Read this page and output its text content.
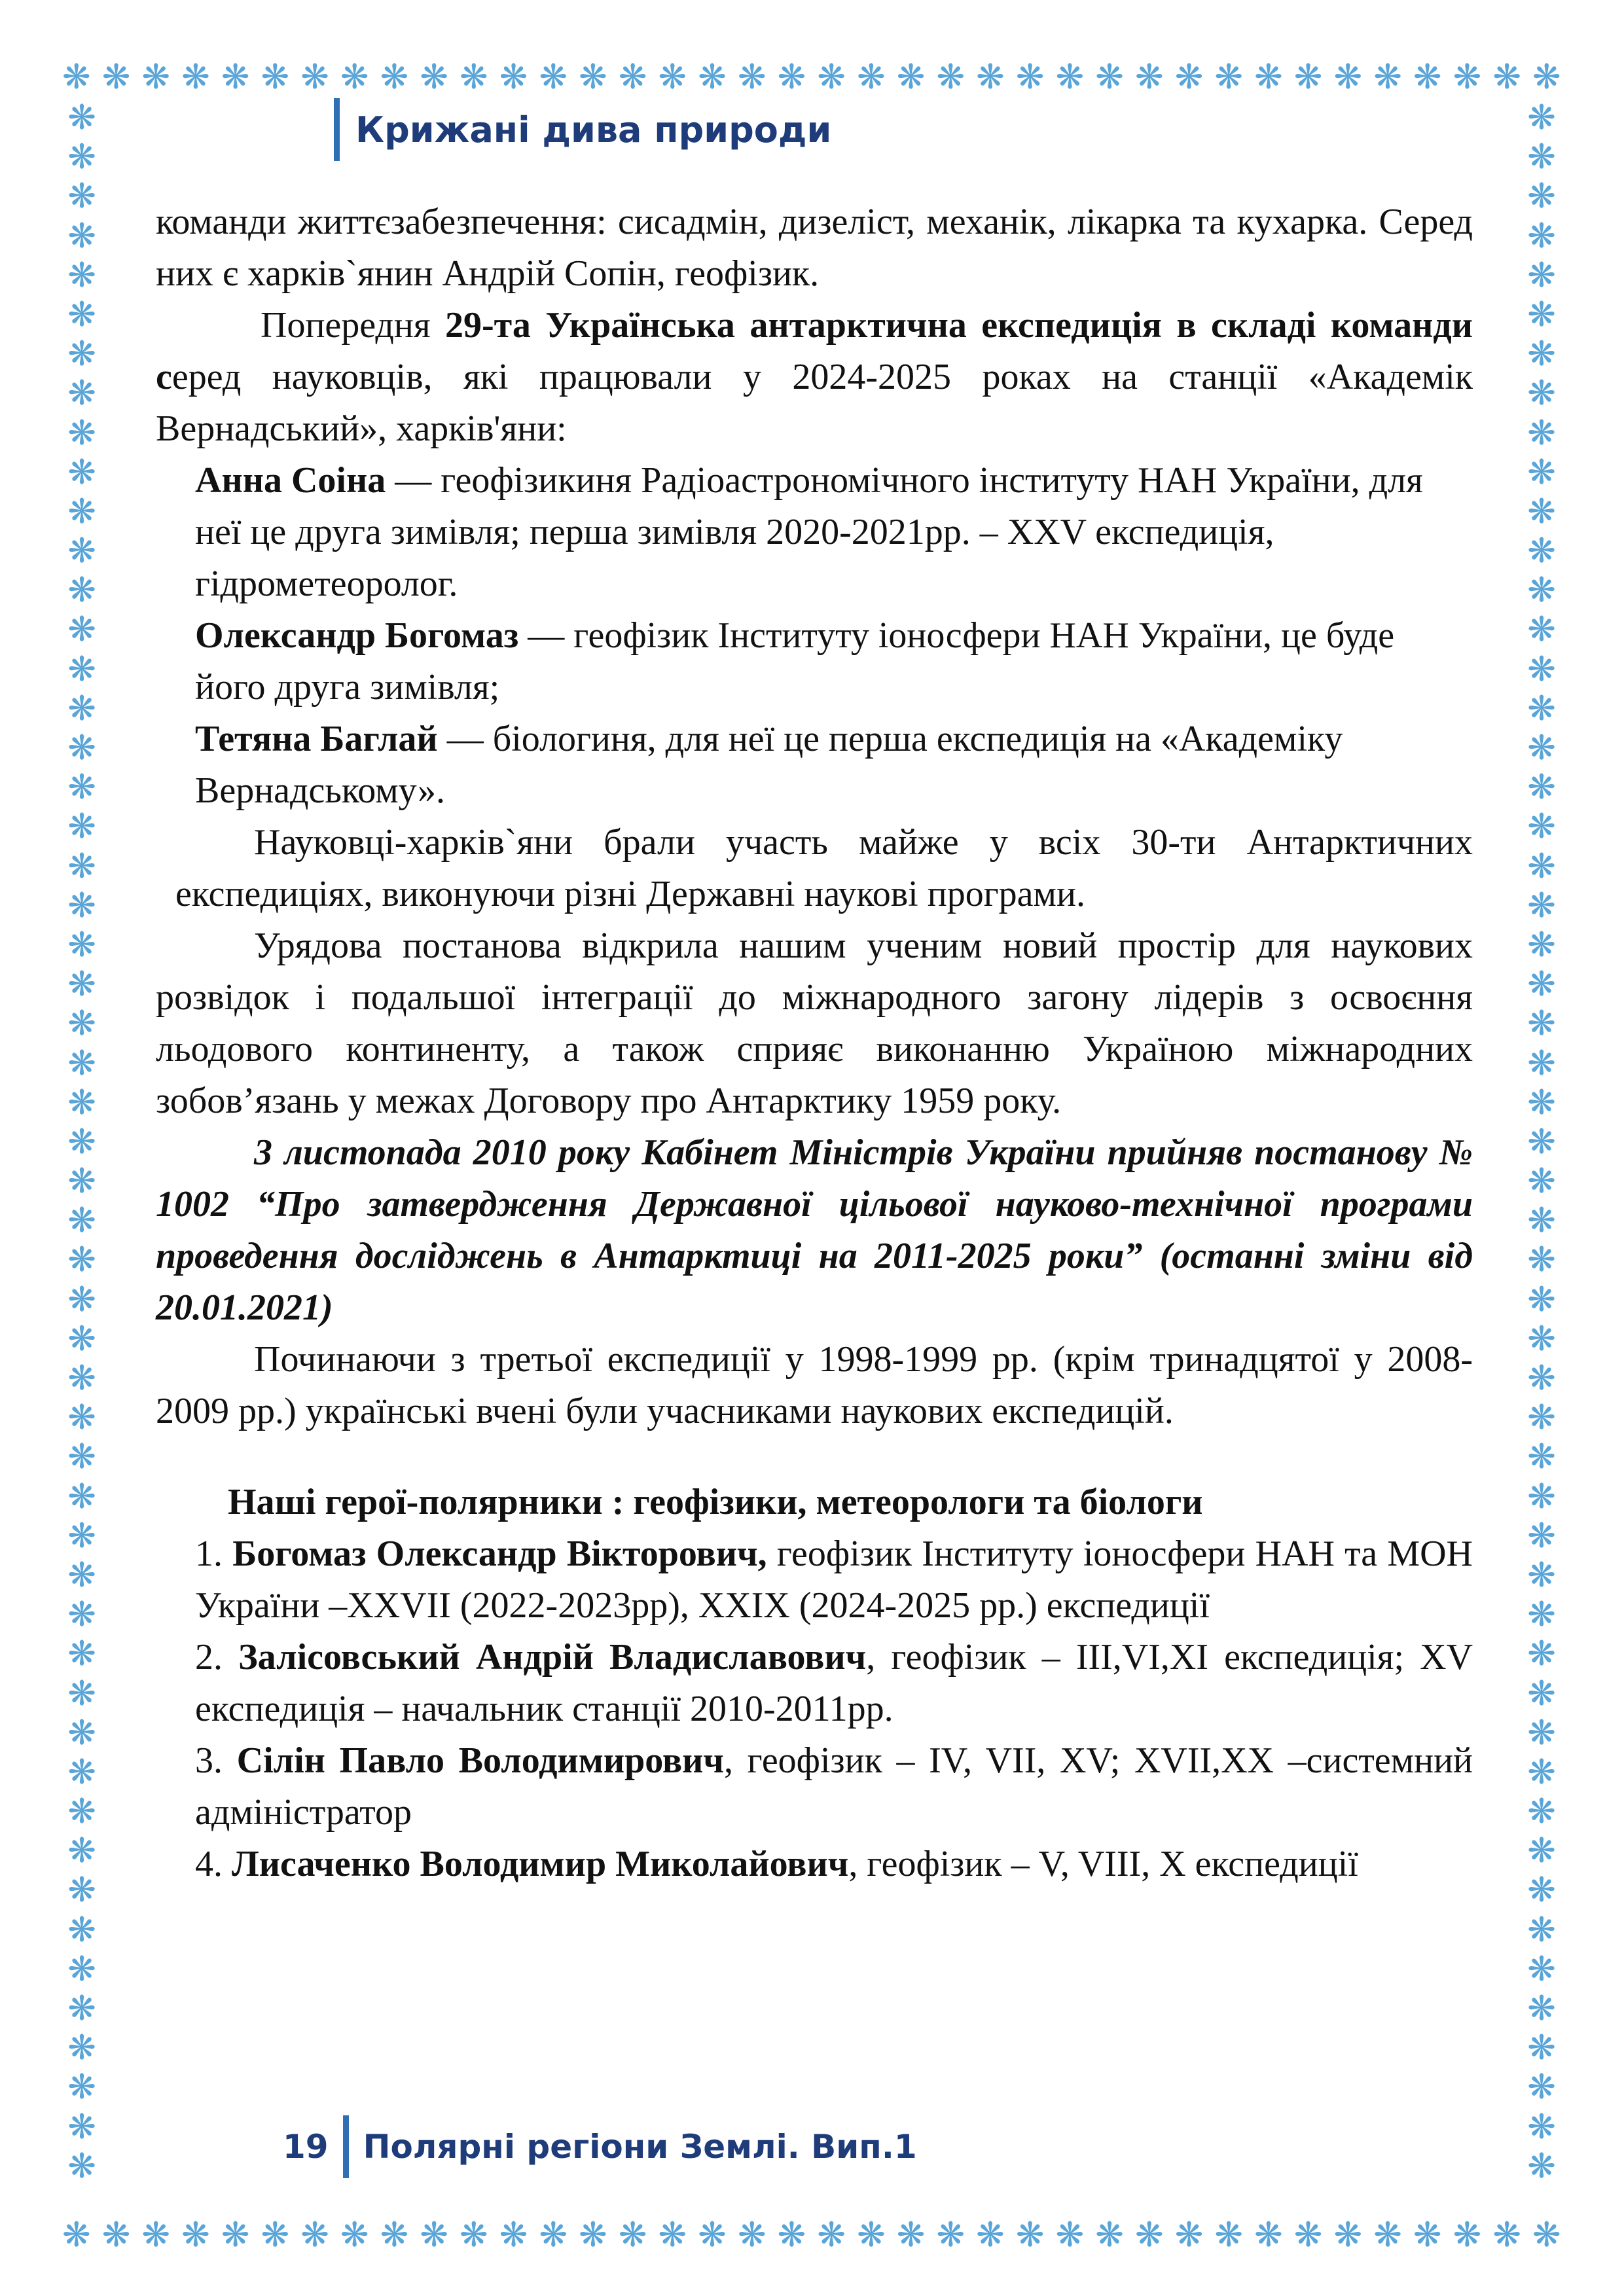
❋ ❋ ❋ ❋ ❋ ❋ ❋ ❋ ❋ ❋ ❋ ❋ ❋ ❋ ❋ ❋ ❋ ❋ ❋ ❋ ❋ ❋ ❋ ❋ ❋ ❋ ❋ ❋ ❋ ❋ ❋ ❋ ❋ ❋ ❋ ❋ ❋ ❋
❋ ❋ ❋ ❋ ❋ ❋ ❋ ❋ ❋ ❋ ❋ ❋ ❋ ❋ ❋ ❋ ❋ ❋ ❋ ❋ ❋ ❋ ❋ ❋ ❋ ❋ ❋ ❋ ❋ ❋ ❋ ❋ ❋ ❋ ❋ ❋ ❋ ❋
❋
❋
❋
❋
❋
❋
❋
❋
❋
❋
❋
❋
❋
❋
❋
❋
❋
❋
❋
❋
❋
❋
❋
❋
❋
❋
❋
❋
❋
❋
❋
❋
❋
❋
❋
❋
❋
❋
❋
❋
❋
❋
❋
❋
❋
❋
❋
❋
❋
❋
❋
❋
❋
❋
❋
❋
❋
❋
❋
❋
❋
❋
❋
❋
❋
❋
❋
❋
❋
❋
❋
❋
❋
❋
❋
❋
❋
❋
❋
❋
❋
❋
❋
❋
❋
❋
❋
❋
❋
❋
❋
❋
❋
❋
❋
❋
❋
❋
❋
❋
❋
❋
❋
❋
❋
❋
Крижані дива природи

команди життєзабезпечення: сисадмін, дизеліст, механік, лікарка та кухарка. Серед них є харків`янин Андрій Сопін, геофізик.

Попередня 29-та Українська антарктична експедиція в складі команди серед науковців, які працювали у 2024-2025 роках на станції «Академік Вернадський», харків'яни:

Анна Соіна — геофізикиня Радіоастрономічного інституту НАН України, для неї це друга зимівля; перша зимівля 2020-2021рр. – XXV експедиція, гідрометеоролог.

Олександр Богомаз — геофізик Інституту іоносфери НАН України, це буде його друга зимівля;

Тетяна Баглай — біологиня, для неї це перша експедиція на «Академіку Вернадському».

Науковці-харків`яни брали участь майже у всіх 30-ти Антарктичних експедиціях, виконуючи різні Державні наукові програми.

Урядова постанова відкрила нашим ученим новий простір для наукових розвідок і подальшої інтеграції до міжнародного загону лідерів з освоєння льодового континенту, а також сприяє виконанню Україною міжнародних зобов’язань у межах Договору про Антарктику 1959 року.

3 листопада 2010 року Кабінет Міністрів України прийняв постанову № 1002 “Про затвердження Державної цільової науково-технічної програми проведення досліджень в Антарктиці на 2011-2025 роки” (останні зміни від 20.01.2021)

Починаючи з третьої експедиції у 1998-1999 рр. (крім тринадцятої у 2008-2009 рр.) українські вчені були учасниками наукових експедицій.

Наші герої-полярники : геофізики, метеорологи та біологи

1. Богомаз Олександр Вікторович, геофізик Інституту іоносфери НАН та МОН України –XXVII (2022-2023рр), XXIX (2024-2025 рр.) експедиції

2. Залісовський Андрій Владиславович, геофізик – III,VI,XI експедиція; XV експедиція – начальник станції 2010-2011рр.

3. Сілін Павло Володимирович, геофізик – IV, VII, XV; XVII,XX –системний адміністратор

4. Лисаченко Володимир Миколайович, геофізик – V, VIII, X експедиції

19	Полярні регіони Землі. Вип.1
